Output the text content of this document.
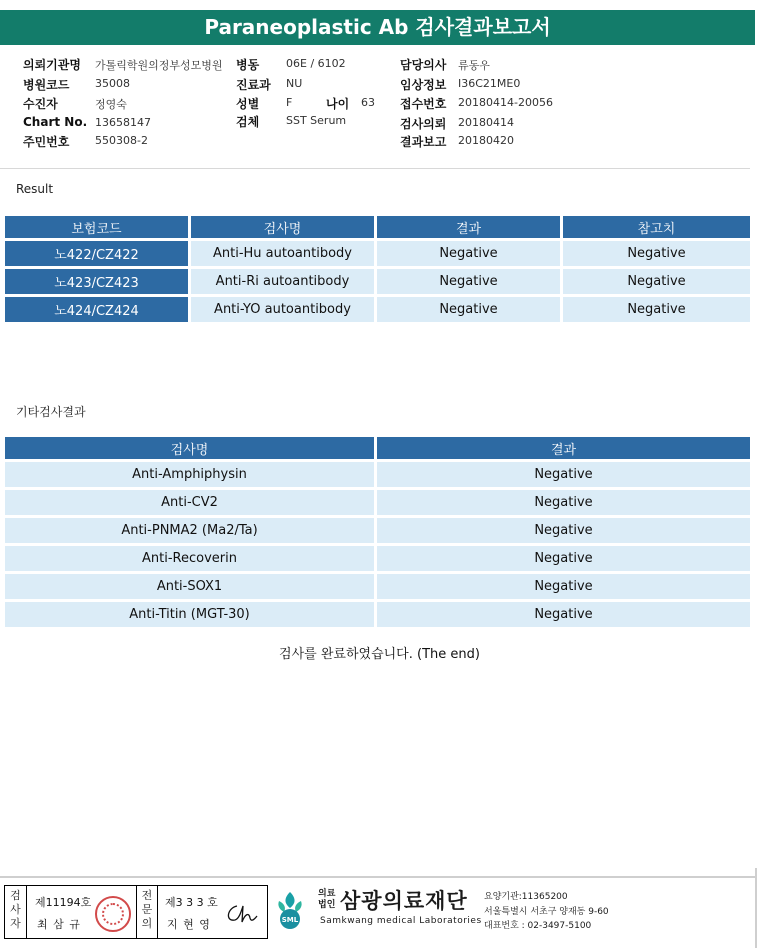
Paraneoplastic Ab 검사결과보고서
의뢰기관명 가톨릭학원의정부성모병원 병동 06E / 6102	담당의사 류동우
병원코드 35008	진료과 NU	임상정보 I36C21ME0
수진자	정영숙	성별 F	나이 63 접수번호 20180414-20056
Chart No. 13658147	검체 SST Serum	검사의뢰 20180414
주민번호 550308-2	결과보고 20180420
Result
보험코드	검사명	결과	참고치
노422/CZ422	Anti-Hu autoantibody	Negative	Negative
노423/CZ423	Anti-Ri autoantibody	Negative	Negative
노424/CZ424	Anti-YO autoantibody	Negative	Negative
기타검사결과
검사명	결과
Anti-Amphiphysin	Negative
Anti-CV2	Negative
Anti-PNMA2 (Ma2/Ta)	Negative
Anti-Recoverin	Negative
Anti-SOX1	Negative
Anti-Titin (MGT-30)	Negative
검사를 완료하였습니다. (The end)
검사자
제11194호
최 삼 규
전문의
제3 3 3 호
지 현 영	SML
의료
법인 삼광의료재단
Samkwang medical Laboratories
요양기관:11365200
서울특별시 서초구 양재동 9-60
대표번호 : 02-3497-5100
